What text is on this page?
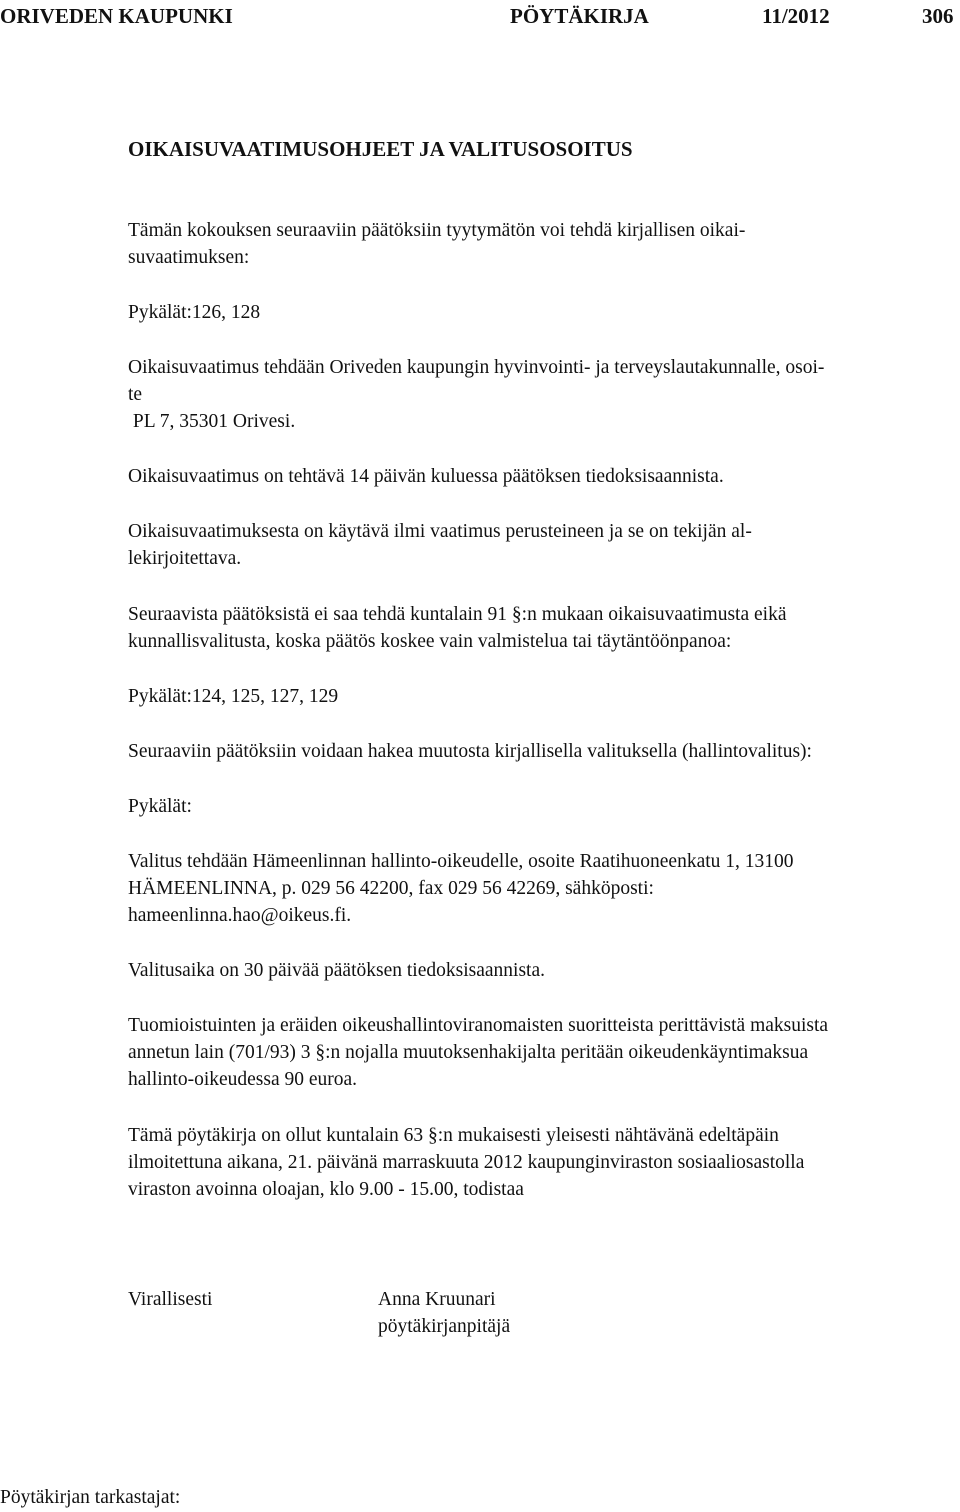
ORIVEDEN KAUPUNKI	PÖYTÄKIRJA	11/2012	306
OIKAISUVAATIMUSOHJEET JA VALITUSOSOITUS
Tämän kokouksen seuraaviin päätöksiin tyytymätön voi tehdä kirjallisen oikai-
suvaatimuksen:
Pykälät:126, 128
Oikaisuvaatimus tehdään Oriveden kaupungin hyvinvointi- ja terveyslautakunnalle, osoi-
te
PL 7, 35301 Orivesi.
Oikaisuvaatimus on tehtävä 14 päivän kuluessa päätöksen tiedoksisaannista.
Oikaisuvaatimuksesta on käytävä ilmi vaatimus perusteineen ja se on tekijän al-
lekirjoitettava.
Seuraavista päätöksistä ei saa tehdä kuntalain 91 §:n mukaan oikaisuvaatimusta eikä
kunnallisvalitusta, koska päätös koskee vain valmistelua tai täytäntöönpanoa:
Pykälät:124, 125, 127, 129
Seuraaviin päätöksiin voidaan hakea muutosta kirjallisella valituksella (hallintovalitus):
Pykälät:
Valitus tehdään Hämeenlinnan hallinto-oikeudelle, osoite Raatihuoneenkatu 1, 13100
HÄMEENLINNA, p. 029 56 42200, fax 029 56 42269, sähköposti:
hameenlinna.hao@oikeus.fi.
Valitusaika on 30 päivää päätöksen tiedoksisaannista.
Tuomioistuinten ja eräiden oikeushallintoviranomaisten suoritteista perittävistä maksuista
annetun lain (701/93) 3 §:n nojalla muutoksenhakijalta peritään oikeudenkäyntimaksua
hallinto-oikeudessa 90 euroa.
Tämä pöytäkirja on ollut kuntalain 63 §:n mukaisesti yleisesti nähtävänä edeltäpäin
ilmoitettuna aikana, 21. päivänä marraskuuta 2012 kaupunginviraston sosiaaliosastolla
viraston avoinna oloajan, klo 9.00 - 15.00, todistaa
Virallisesti	Anna Kruunari
pöytäkirjanpitäjä
Pöytäkirjan tarkastajat:
